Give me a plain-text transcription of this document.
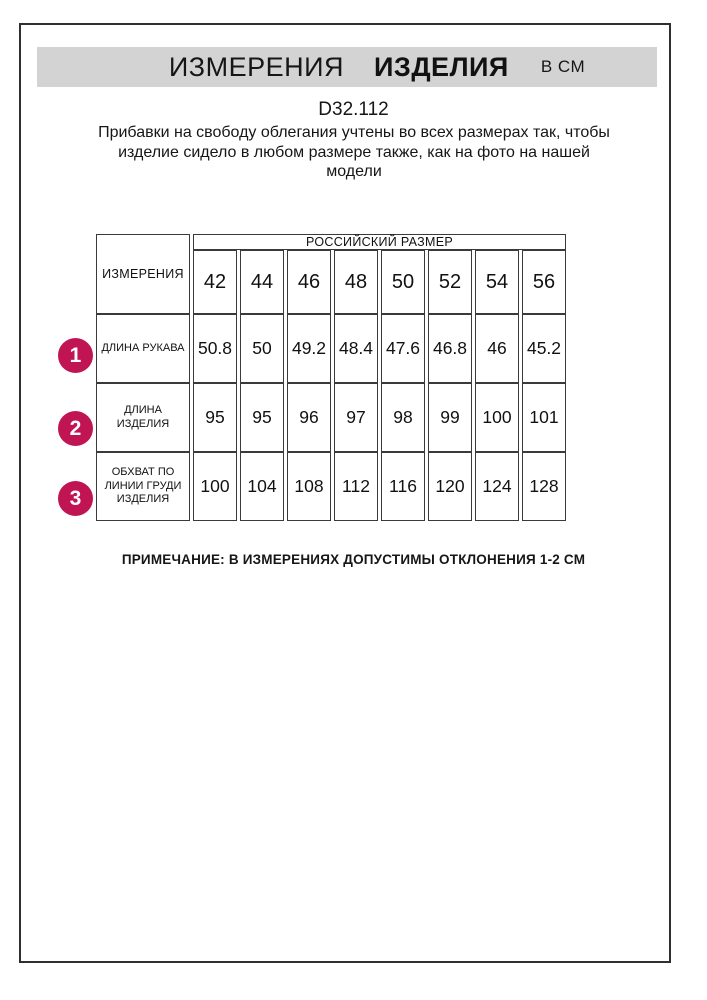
ИЗМЕРЕНИЯ ИЗДЕЛИЯ В СМ
D32.112
Прибавки на свободу облегания учтены во всех размерах так, чтобы
изделие сидело в любом размере также, как на фото на нашей
модели
ИЗМЕРЕНИЯ	РОССИЙСКИЙ РАЗМЕР							
	42	44	46	48	50	52	54	56

ДЛИНА РУКАВА	50.8	50	49.2	48.4	47.6	46.8	46	45.2

ДЛИНА
ИЗДЕЛИЯ	95	95	96	97	98	99	100	101

ОБХВАТ ПО
ЛИНИИ ГРУДИ
ИЗДЕЛИЯ	100	104	108	112	116	120	124	128
1
2
3
ПРИМЕЧАНИЕ: В ИЗМЕРЕНИЯХ ДОПУСТИМЫ ОТКЛОНЕНИЯ 1-2 СМ
